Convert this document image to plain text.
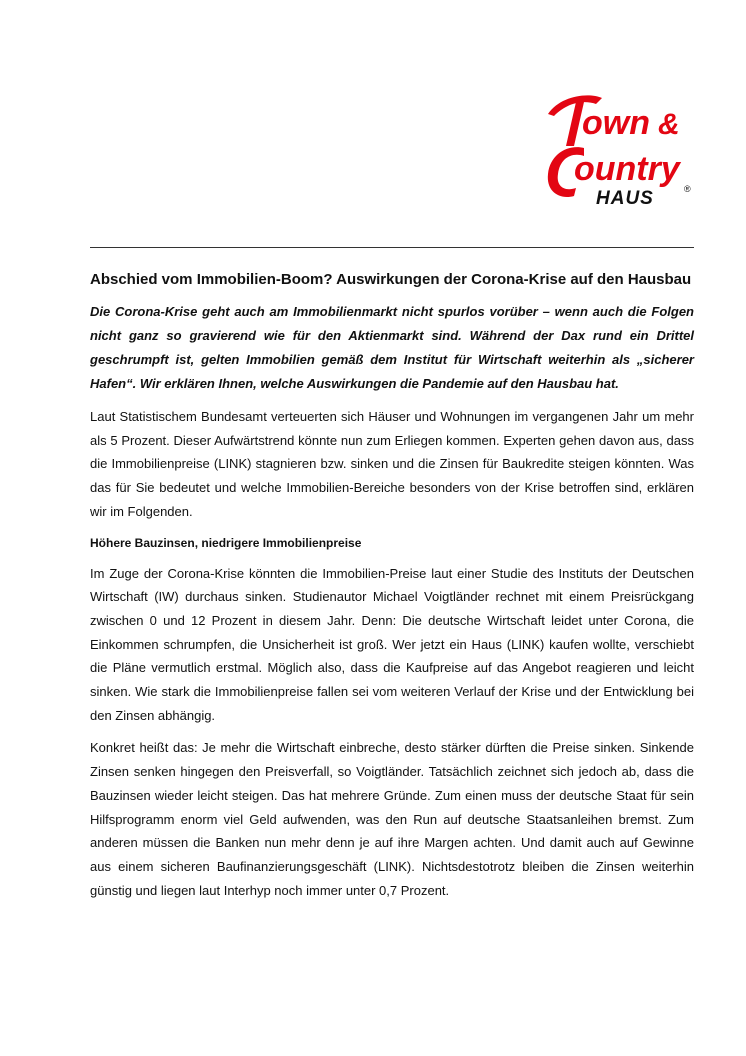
own &
ountry
HAUS	®
Abschied vom Immobilien-Boom? Auswirkungen der Corona-Krise auf den Hausbau
Die Corona-Krise geht auch am Immobilienmarkt nicht spurlos vorüber – wenn auch die Folgen nicht ganz so gravierend wie für den Aktienmarkt sind. Während der Dax rund ein Drittel geschrumpft ist, gelten Immobilien gemäß dem Institut für Wirtschaft weiterhin als „sicherer Hafen“. Wir erklären Ihnen, welche Auswirkungen die Pandemie auf den Hausbau hat.
Laut Statistischem Bundesamt verteuerten sich Häuser und Wohnungen im vergangenen Jahr um mehr als 5 Prozent. Dieser Aufwärtstrend könnte nun zum Erliegen kommen. Experten gehen davon aus, dass die Immobilienpreise (LINK) stagnieren bzw. sinken und die Zinsen für Baukredite steigen könnten. Was das für Sie bedeutet und welche Immobilien-Bereiche besonders von der Krise betroffen sind, erklären wir im Folgenden.
Höhere Bauzinsen, niedrigere Immobilienpreise
Im Zuge der Corona-Krise könnten die Immobilien-Preise laut einer Studie des Instituts der Deutschen Wirtschaft (IW) durchaus sinken. Studienautor Michael Voigtländer rechnet mit einem Preisrückgang zwischen 0 und 12 Prozent in diesem Jahr. Denn: Die deutsche Wirtschaft leidet unter Corona, die Einkommen schrumpfen, die Unsicherheit ist groß. Wer jetzt ein Haus (LINK) kaufen wollte, verschiebt die Pläne vermutlich erstmal. Möglich also, dass die Kaufpreise auf das Angebot reagieren und leicht sinken. Wie stark die Immobilienpreise fallen sei vom weiteren Verlauf der Krise und der Entwicklung bei den Zinsen abhängig.
Konkret heißt das: Je mehr die Wirtschaft einbreche, desto stärker dürften die Preise sinken. Sinkende Zinsen senken hingegen den Preisverfall, so Voigtländer. Tatsächlich zeichnet sich jedoch ab, dass die Bauzinsen wieder leicht steigen. Das hat mehrere Gründe. Zum einen muss der deutsche Staat für sein Hilfsprogramm enorm viel Geld aufwenden, was den Run auf deutsche Staatsanleihen bremst. Zum anderen müssen die Banken nun mehr denn je auf ihre Margen achten. Und damit auch auf Gewinne aus einem sicheren Baufinanzierungsgeschäft (LINK). Nichtsdestotrotz bleiben die Zinsen weiterhin günstig und liegen laut Interhyp noch immer unter 0,7 Prozent.
